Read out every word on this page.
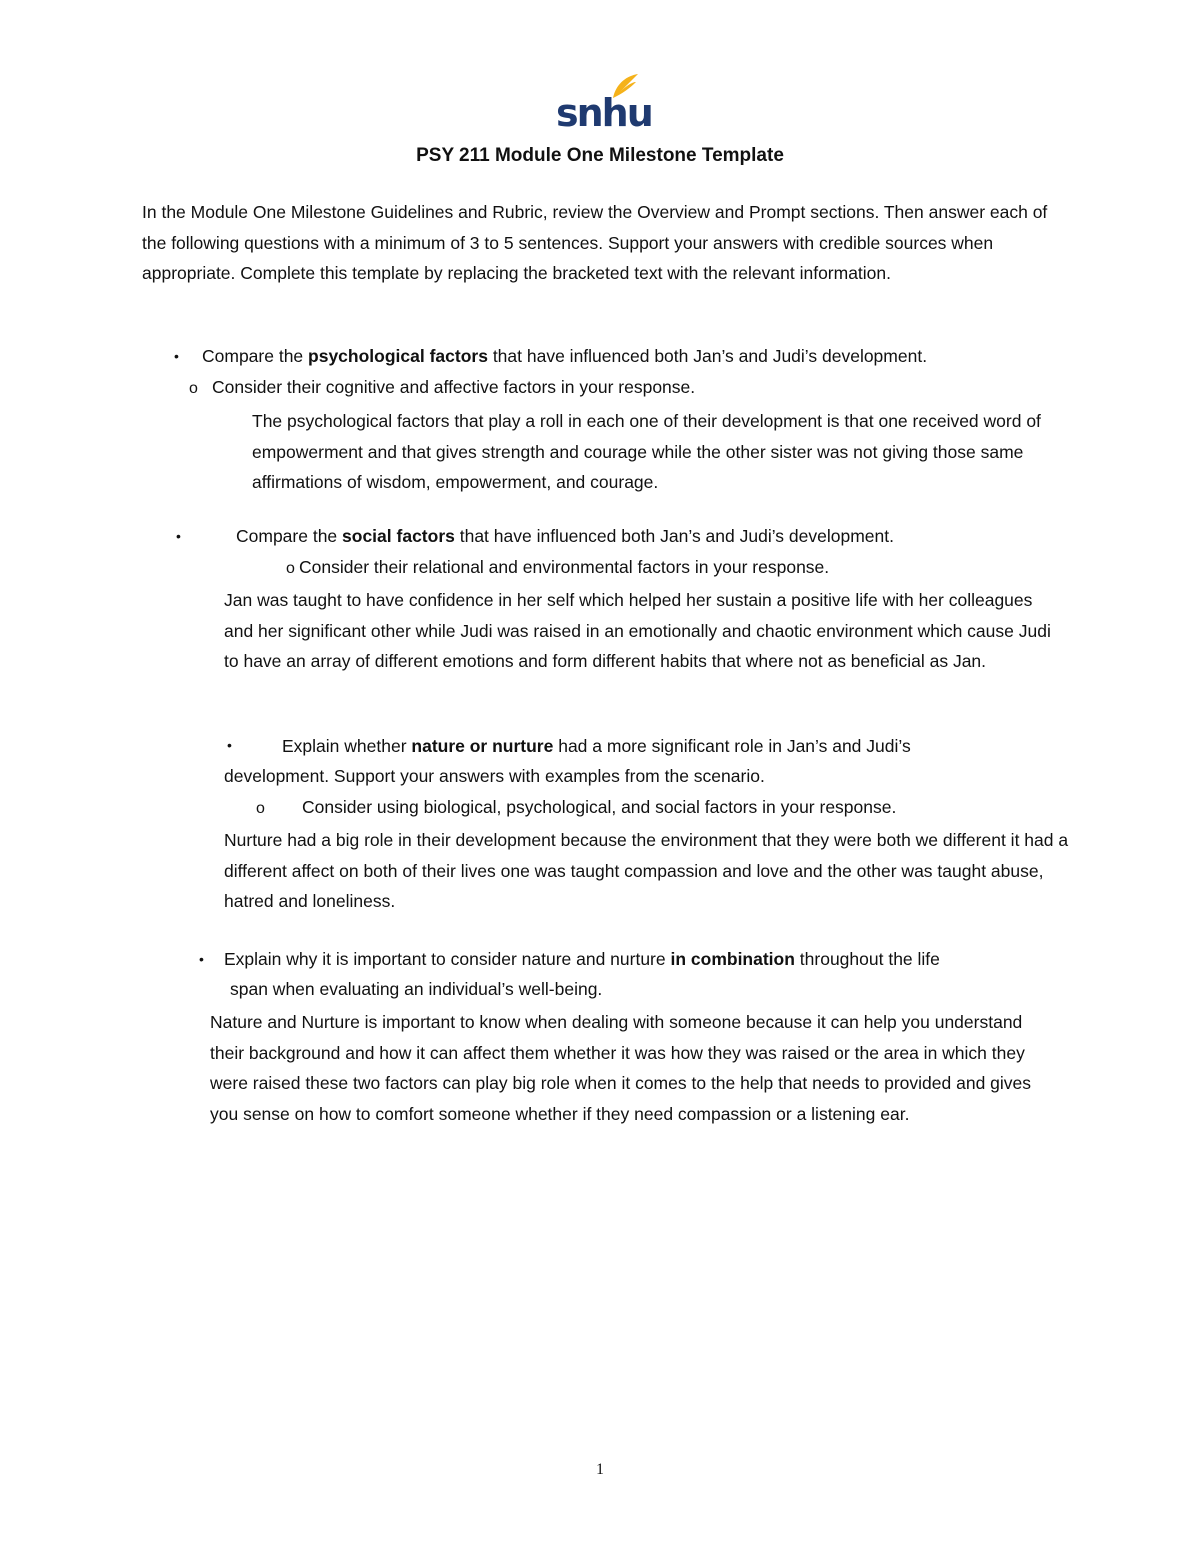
snhu
PSY 211 Module One Milestone Template
In the Module One Milestone Guidelines and Rubric, review the Overview and Prompt sections. Then answer each of the following questions with a minimum of 3 to 5 sentences. Support your answers with credible sources when appropriate. Complete this template by replacing the bracketed text with the relevant information.
• Compare the psychological factors that have influenced both Jan’s and Judi’s development.
o Consider their cognitive and affective factors in your response.
The psychological factors that play a roll in each one of their development is that one received word of empowerment and that gives strength and courage while the other sister was not giving those same affirmations of wisdom, empowerment, and courage.
•	Compare the social factors that have influenced both Jan’s and Judi’s development.
o Consider their relational and environmental factors in your response.
Jan was taught to have confidence in her self which helped her sustain a positive life with her colleagues and her significant other while Judi was raised in an emotionally and chaotic environment which cause Judi to have an array of different emotions and form different habits that where not as beneficial as Jan.
•	Explain whether nature or nurture had a more significant role in Jan’s and Judi’s
development. Support your answers with examples from the scenario.
o Consider using biological, psychological, and social factors in your response.
Nurture had a big role in their development because the environment that they were both we different it had a different affect on both of their lives one was taught compassion and love and the other was taught abuse, hatred and loneliness.
• Explain why it is important to consider nature and nurture in combination throughout the life
span when evaluating an individual’s well-being.
Nature and Nurture is important to know when dealing with someone because it can help you understand their background and how it can affect them whether it was how they was raised or the area in which they were raised these two factors can play big role when it comes to the help that needs to provided and gives you sense on how to comfort someone whether if they need compassion or a listening ear.
1
